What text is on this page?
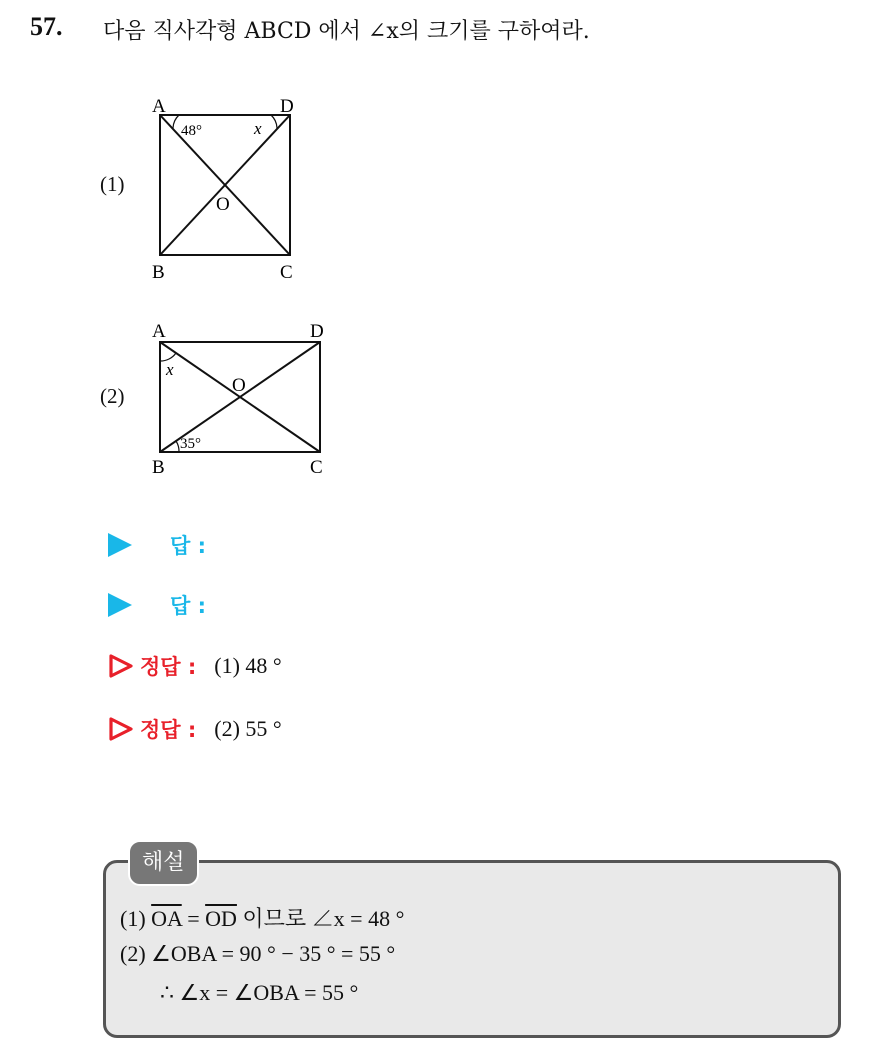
57. 다음 직사각형 ABCD 에서 ∠x의 크기를 구하여라.
(1)
A	D
B	C
O
48°	x
(2)
A	D
B	C
O
x
35°
답 :
답 :
정답 : (1) 48 °
정답 : (2) 55 °
해설
(1) $\overline{OA} = \overline{OD}$ 이므로 ∠x = 48 °
(2) ∠OBA = 90 ° − 35 ° = 55 °
∴ ∠x = ∠OBA = 55 °
